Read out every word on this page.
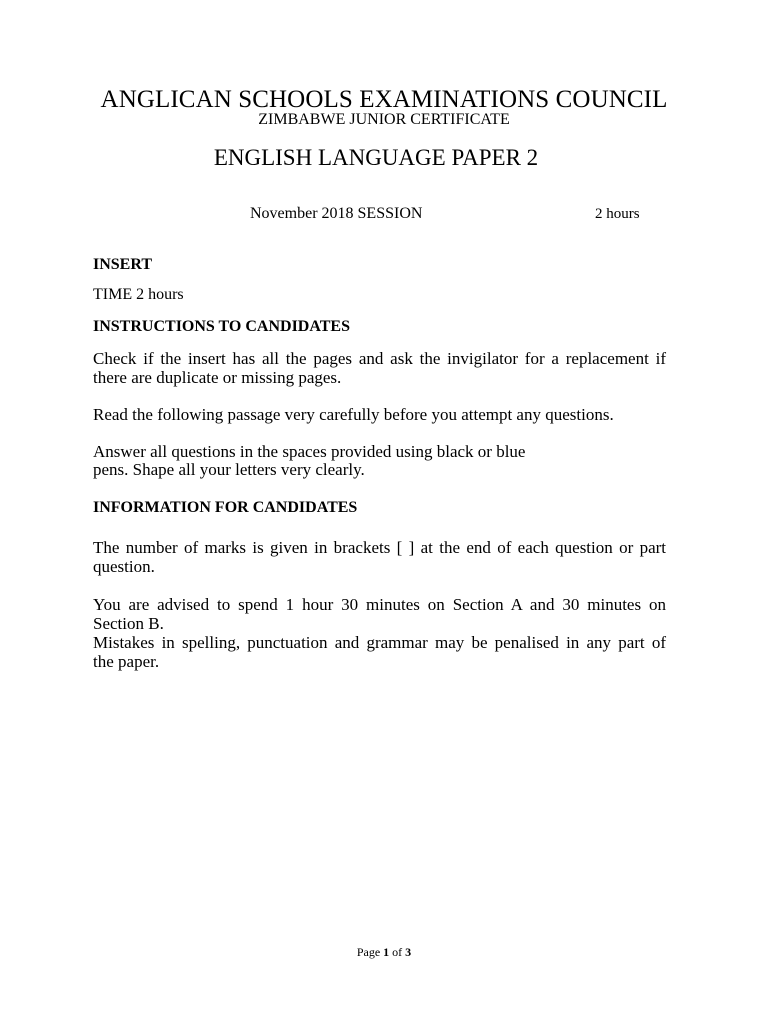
ANGLICAN SCHOOLS EXAMINATIONS COUNCIL
ZIMBABWE JUNIOR CERTIFICATE
ENGLISH LANGUAGE PAPER 2
November 2018 SESSION	2 hours
INSERT
TIME 2 hours
INSTRUCTIONS TO CANDIDATES
Check if the insert has all the pages and ask the invigilator for a replacement if
there are duplicate or missing pages.
Read the following passage very carefully before you attempt any questions.
Answer all questions in the spaces provided using black or blue
pens. Shape all your letters very clearly.
INFORMATION FOR CANDIDATES
The number of marks is given in brackets [ ] at the end of each question or part
question.
You are advised to spend 1 hour 30 minutes on Section A and 30 minutes on
Section B.
Mistakes in spelling, punctuation and grammar may be penalised in any part of
the paper.
Page 1 of 3
